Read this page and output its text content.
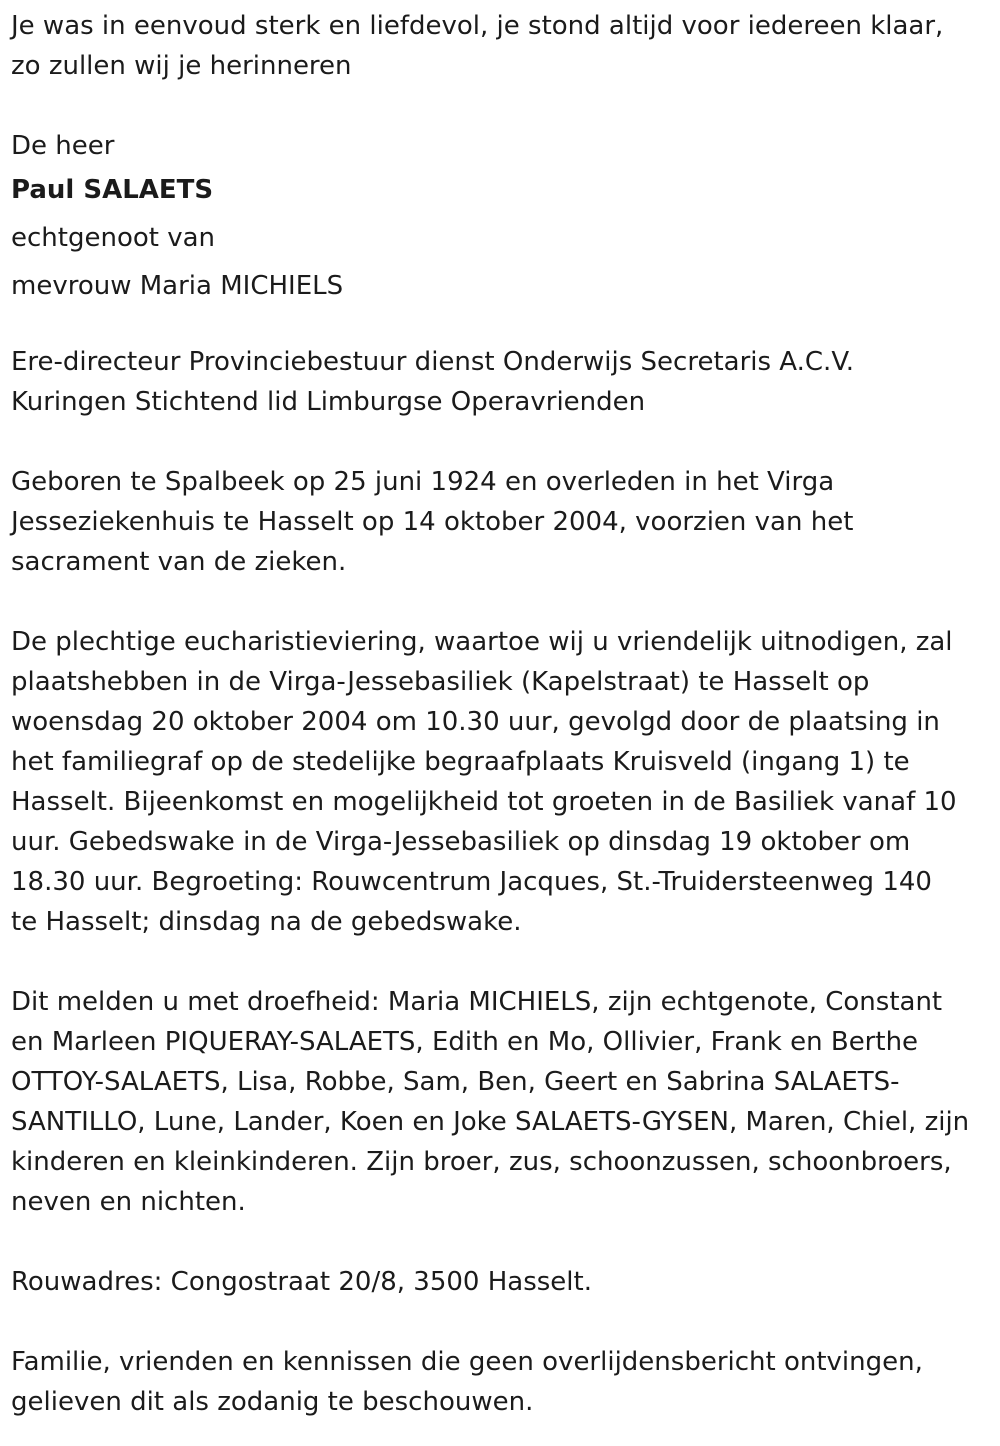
Je was in eenvoud sterk en liefdevol, je stond altijd voor iedereen klaar,
zo zullen wij je herinneren

De heer

Paul SALAETS

echtgenoot van

mevrouw Maria MICHIELS

Ere-directeur Provinciebestuur dienst Onderwijs Secretaris A.C.V.
Kuringen Stichtend lid Limburgse Operavrienden

Geboren te Spalbeek op 25 juni 1924 en overleden in het Virga
Jesseziekenhuis te Hasselt op 14 oktober 2004, voorzien van het
sacrament van de zieken.

De plechtige eucharistieviering, waartoe wij u vriendelijk uitnodigen, zal
plaatshebben in de Virga-Jessebasiliek (Kapelstraat) te Hasselt op
woensdag 20 oktober 2004 om 10.30 uur, gevolgd door de plaatsing in
het familiegraf op de stedelijke begraafplaats Kruisveld (ingang 1) te
Hasselt. Bijeenkomst en mogelijkheid tot groeten in de Basiliek vanaf 10
uur. Gebedswake in de Virga-Jessebasiliek op dinsdag 19 oktober om
18.30 uur. Begroeting: Rouwcentrum Jacques, St.-Truidersteenweg 140
te Hasselt; dinsdag na de gebedswake.

Dit melden u met droefheid: Maria MICHIELS, zijn echtgenote, Constant
en Marleen PIQUERAY-SALAETS, Edith en Mo, Ollivier, Frank en Berthe
OTTOY-SALAETS, Lisa, Robbe, Sam, Ben, Geert en Sabrina SALAETS-
SANTILLO, Lune, Lander, Koen en Joke SALAETS-GYSEN, Maren, Chiel, zijn
kinderen en kleinkinderen. Zijn broer, zus, schoonzussen, schoonbroers,
neven en nichten.

Rouwadres: Congostraat 20/8, 3500 Hasselt.

Familie, vrienden en kennissen die geen overlijdensbericht ontvingen,
gelieven dit als zodanig te beschouwen.
